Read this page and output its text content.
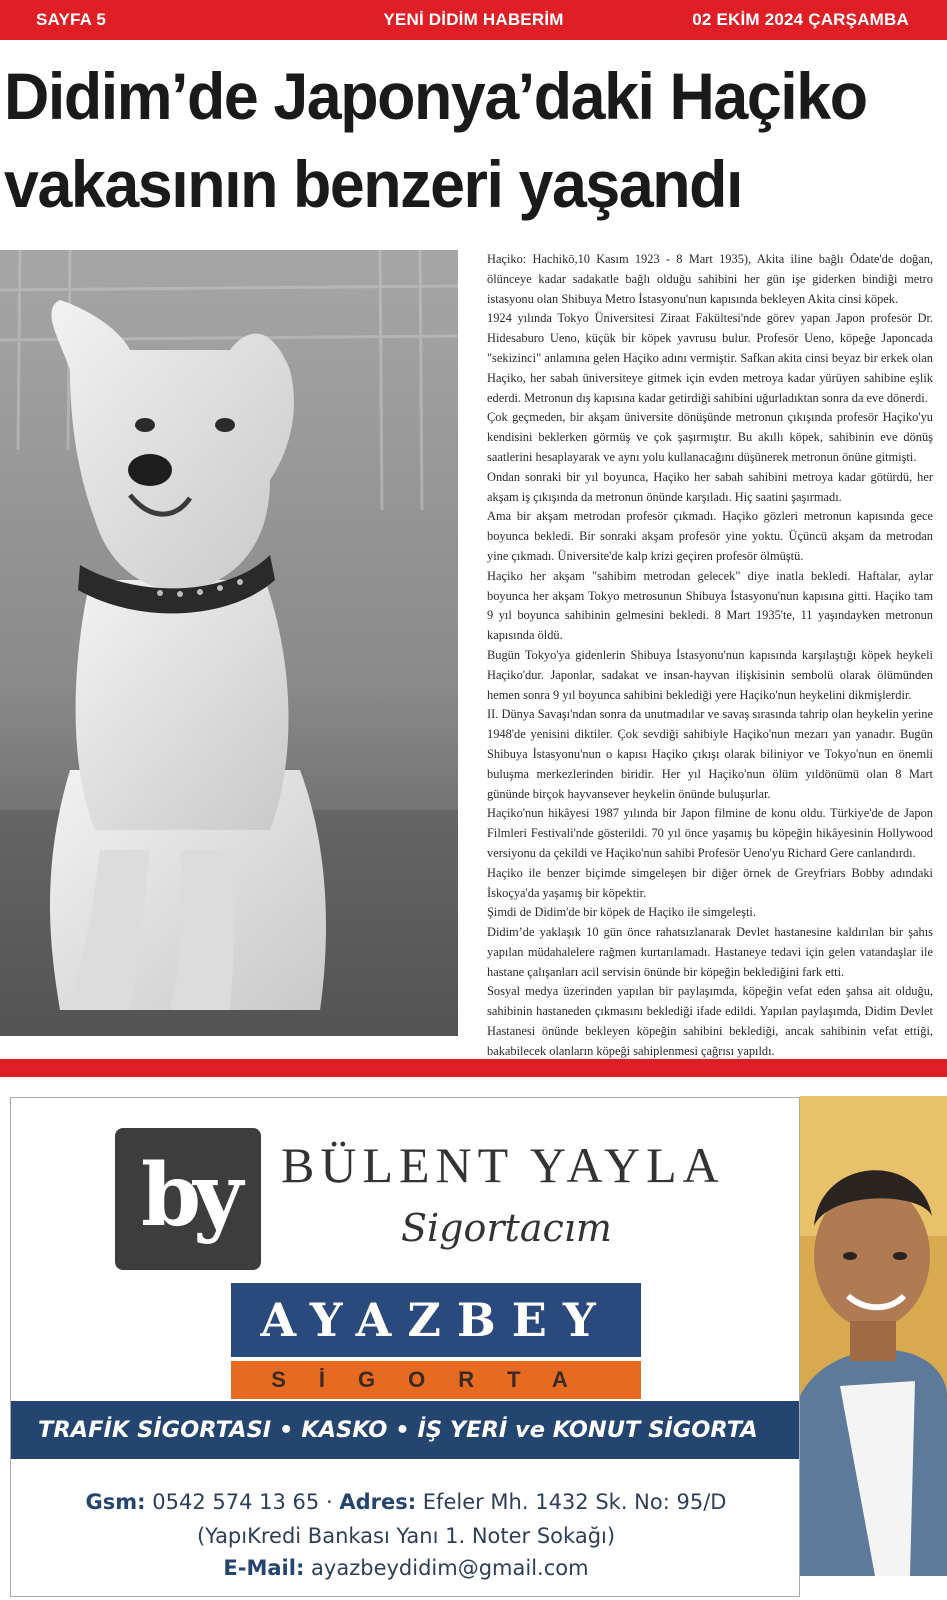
YENİ DİDİM HABERİM
SAYFA 5	02 EKİM 2024 ÇARŞAMBA
Didim’de Japonya’daki Haçiko
vakasının benzeri yaşandı

Haçiko: Hachikō,10 Kasım 1923 - 8 Mart 1935), Akita iline bağlı Ōdate'de doğan, ölünceye kadar sadakatle bağlı olduğu sahibini her gün işe giderken bindiği metro istasyonu olan Shibuya Metro İstasyonu'nun kapısında bekleyen Akita cinsi köpek.

1924 yılında Tokyo Üniversitesi Ziraat Fakültesi'nde görev yapan Japon profesör Dr. Hidesaburo Ueno, küçük bir köpek yavrusu bulur. Profesör Ueno, köpeğe Japoncada "sekizinci" anlamına gelen Haçiko adını vermiştir. Safkan akita cinsi beyaz bir erkek olan Haçiko, her sabah üniversiteye gitmek için evden metroya kadar yürüyen sahibine eşlik ederdi. Metronun dış kapısına kadar getirdiği sahibini uğurladıktan sonra da eve dönerdi.

Çok geçmeden, bir akşam üniversite dönüşünde metronun çıkışında profesör Haçiko'yu kendisini beklerken görmüş ve çok şaşırmıştır. Bu akıllı köpek, sahibinin eve dönüş saatlerini hesaplayarak ve aynı yolu kullanacağını düşünerek metronun önüne gitmişti.

Ondan sonraki bir yıl boyunca, Haçiko her sabah sahibini metroya kadar götürdü, her akşam iş çıkışında da metronun önünde karşıladı. Hiç saatini şaşırmadı.

Ama bir akşam metrodan profesör çıkmadı. Haçiko gözleri metronun kapısında gece boyunca bekledi. Bir sonraki akşam profesör yine yoktu. Üçüncü akşam da metrodan yine çıkmadı. Üniversite'de kalp krizi geçiren profesör ölmüştü.

Haçiko her akşam "sahibim metrodan gelecek" diye inatla bekledi. Haftalar, aylar boyunca her akşam Tokyo metrosunun Shibuya İstasyonu'nun kapısına gitti. Haçiko tam 9 yıl boyunca sahibinin gelmesini bekledi. 8 Mart 1935'te, 11 yaşındayken metronun kapısında öldü.

Bugün Tokyo'ya gidenlerin Shibuya İstasyonu'nun kapısında karşılaştığı köpek heykeli Haçiko'dur. Japonlar, sadakat ve insan-hayvan ilişkisinin sembolü olarak ölümünden hemen sonra 9 yıl boyunca sahibini beklediği yere Haçiko'nun heykelini dikmişlerdir.

II. Dünya Savaşı'ndan sonra da unutmadılar ve savaş sırasında tahrip olan heykelin yerine 1948'de yenisini diktiler. Çok sevdiği sahibiyle Haçiko'nun mezarı yan yanadır. Bugün Shibuya İstasyonu'nun o kapısı Haçiko çıkışı olarak biliniyor ve Tokyo'nun en önemli buluşma merkezlerinden biridir. Her yıl Haçiko'nun ölüm yıldönümü olan 8 Mart gününde birçok hayvansever heykelin önünde buluşurlar.

Haçiko'nun hikâyesi 1987 yılında bir Japon filmine de konu oldu. Türkiye'de de Japon Filmleri Festivali'nde gösterildi. 70 yıl önce yaşamış bu köpeğin hikâyesinin Hollywood versiyonu da çekildi ve Haçiko'nun sahibi Profesör Ueno'yu Richard Gere canlandırdı.

Haçiko ile benzer biçimde simgeleşen bir diğer örnek de Greyfriars Bobby adındaki İskoçya'da yaşamış bir köpektir.

Şimdi de Didim'de bir köpek de Haçiko ile simgeleşti.

Didim’de yaklaşık 10 gün önce rahatsızlanarak Devlet hastanesine kaldırılan bir şahıs yapılan müdahalelere rağmen kurtarılamadı. Hastaneye tedavi için gelen vatandaşlar ile hastane çalışanları acil servisin önünde bir köpeğin beklediğini fark etti.

Sosyal medya üzerinden yapılan bir paylaşımda, köpeğin vefat eden şahsa ait olduğu, sahibinin hastaneden çıkmasını beklediği ifade edildi. Yapılan paylaşımda, Didim Devlet Hastanesi önünde bekleyen köpeğin sahibini beklediği, ancak sahibinin vefat ettiği, bakabilecek olanların köpeği sahiplenmesi çağrısı yapıldı.

by BÜLENT YAYLA
Sigortacım
AYAZBEY
SİGORTA
TRAFİK SİGORTASI • KASKO • İŞ YERİ ve KONUT SİGORTA
Gsm: 0542 574 13 65 · Adres: Efeler Mh. 1432 Sk. No: 95/D
(YapıKredi Bankası Yanı 1. Noter Sokağı)
E-Mail: ayazbeydidim@gmail.com
